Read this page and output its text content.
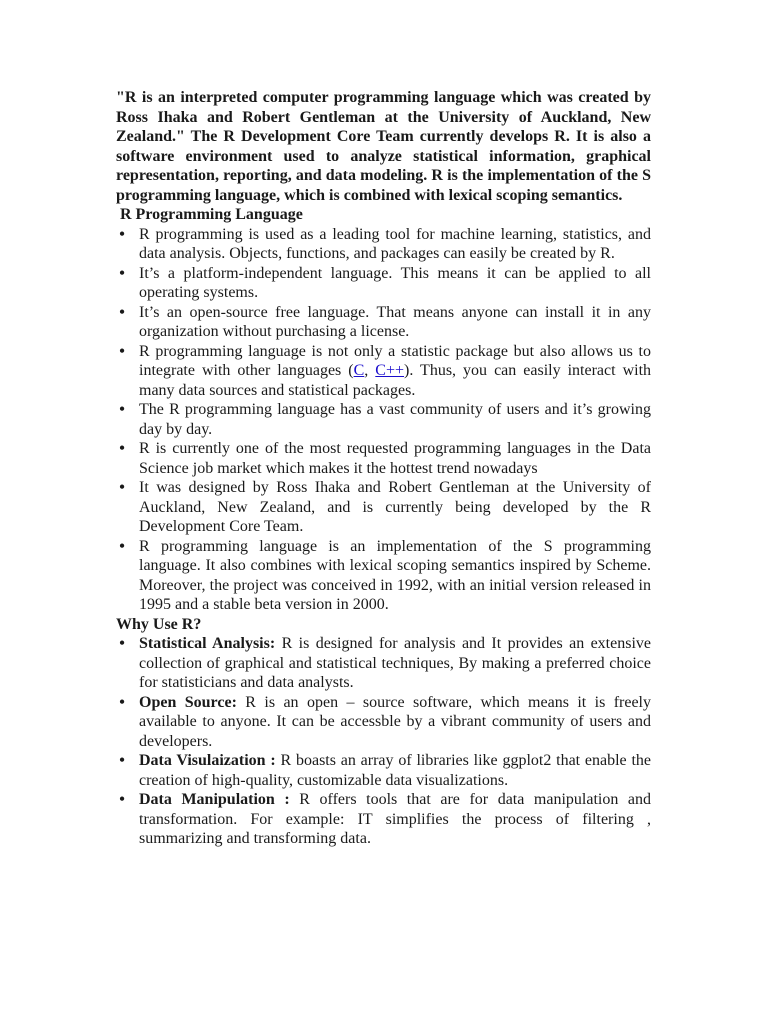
"R is an interpreted computer programming language which was created by Ross Ihaka and Robert Gentleman at the University of Auckland, New Zealand." The R Development Core Team currently develops R. It is also a software environment used to analyze statistical information, graphical representation, reporting, and data modeling. R is the implementation of the S programming language, which is combined with lexical scoping semantics.

R Programming Language

• R programming is used as a leading tool for machine learning, statistics, and data analysis. Objects, functions, and packages can easily be created by R.
• It’s a platform-independent language. This means it can be applied to all operating systems.
• It’s an open-source free language. That means anyone can install it in any organization without purchasing a license.
• R programming language is not only a statistic package but also allows us to integrate with other languages (C, C++). Thus, you can easily interact with many data sources and statistical packages.
• The R programming language has a vast community of users and it’s growing day by day.
• R is currently one of the most requested programming languages in the Data Science job market which makes it the hottest trend nowadays
• It was designed by Ross Ihaka and Robert Gentleman at the University of Auckland, New Zealand, and is currently being developed by the R Development Core Team.
• R programming language is an implementation of the S programming language. It also combines with lexical scoping semantics inspired by Scheme. Moreover, the project was conceived in 1992, with an initial version released in 1995 and a stable beta version in 2000.

Why Use R?

• Statistical Analysis: R is designed for analysis and It provides an extensive collection of graphical and statistical techniques, By making a preferred choice for statisticians and data analysts.
• Open Source: R is an open – source software, which means it is freely available to anyone. It can be accessble by a vibrant community of users and developers.
• Data Visulaization : R boasts an array of libraries like ggplot2 that enable the creation of high-quality, customizable data visualizations.
• Data Manipulation : R offers tools that are for data manipulation and transformation. For example: IT simplifies the process of filtering , summarizing and transforming data.
